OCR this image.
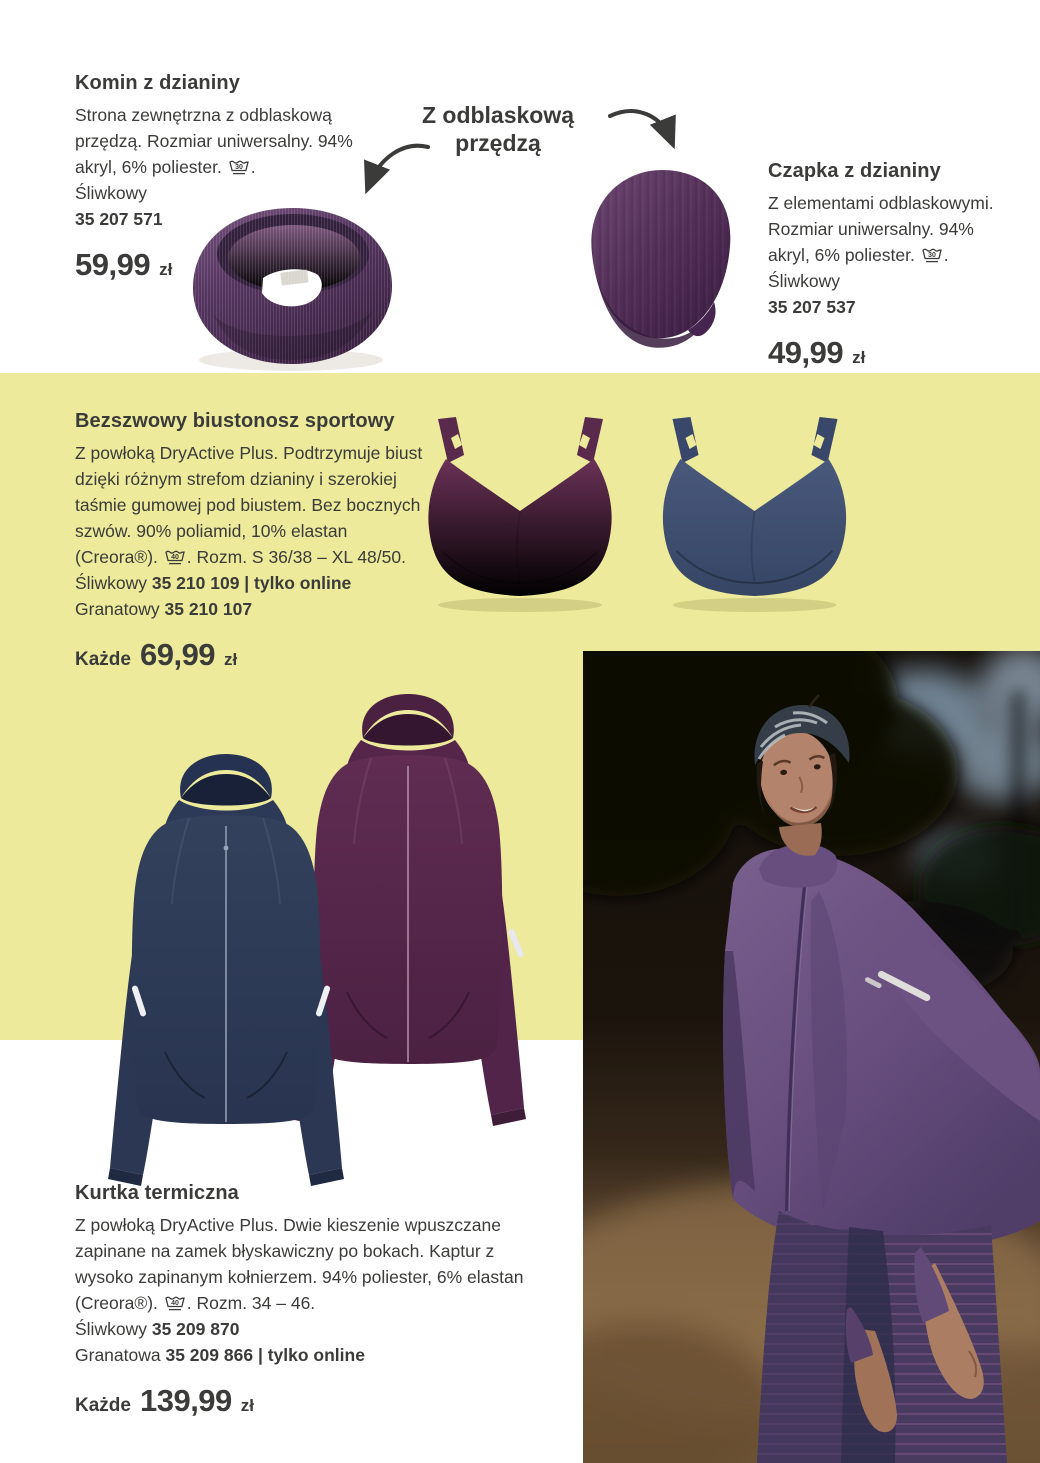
Komin z dzianiny

Strona zewnętrzna z odblaskową przędzą. Rozmiar uniwersalny. 94% akryl, 6% poliester. 30 .

Śliwkowy
35 207 571
59,99 zł
Z odblaskową
przędzą
Czapka z dzianiny

Z elementami odblaskowymi. Rozmiar uniwersalny. 94% akryl, 6% poliester. 30 . Śliwkowy

35 207 537
49,99 zł
Bezszwowy biustonosz sportowy

Z powłoką DryActive Plus. Podtrzymuje biust dzięki różnym strefom dzianiny i szerokiej taśmie gumowej pod biustem. Bez bocznych szwów. 90% poliamid, 10% elastan (Creora®). 40 . Rozm. S 36/38 – XL 48/50.

Śliwkowy 35 210 109 | tylko online
Granatowy 35 210 107
Każde 69,99 zł
Kurtka termiczna

Z powłoką DryActive Plus. Dwie kieszenie wpuszczane zapinane na zamek błyskawiczny po bokach. Kaptur z wysoko zapinanym kołnierzem. 94% poliester, 6% elastan (Creora®). 40 . Rozm. 34 – 46.

Śliwkowy 35 209 870
Granatowa 35 209 866 | tylko online
Każde 139,99 zł
